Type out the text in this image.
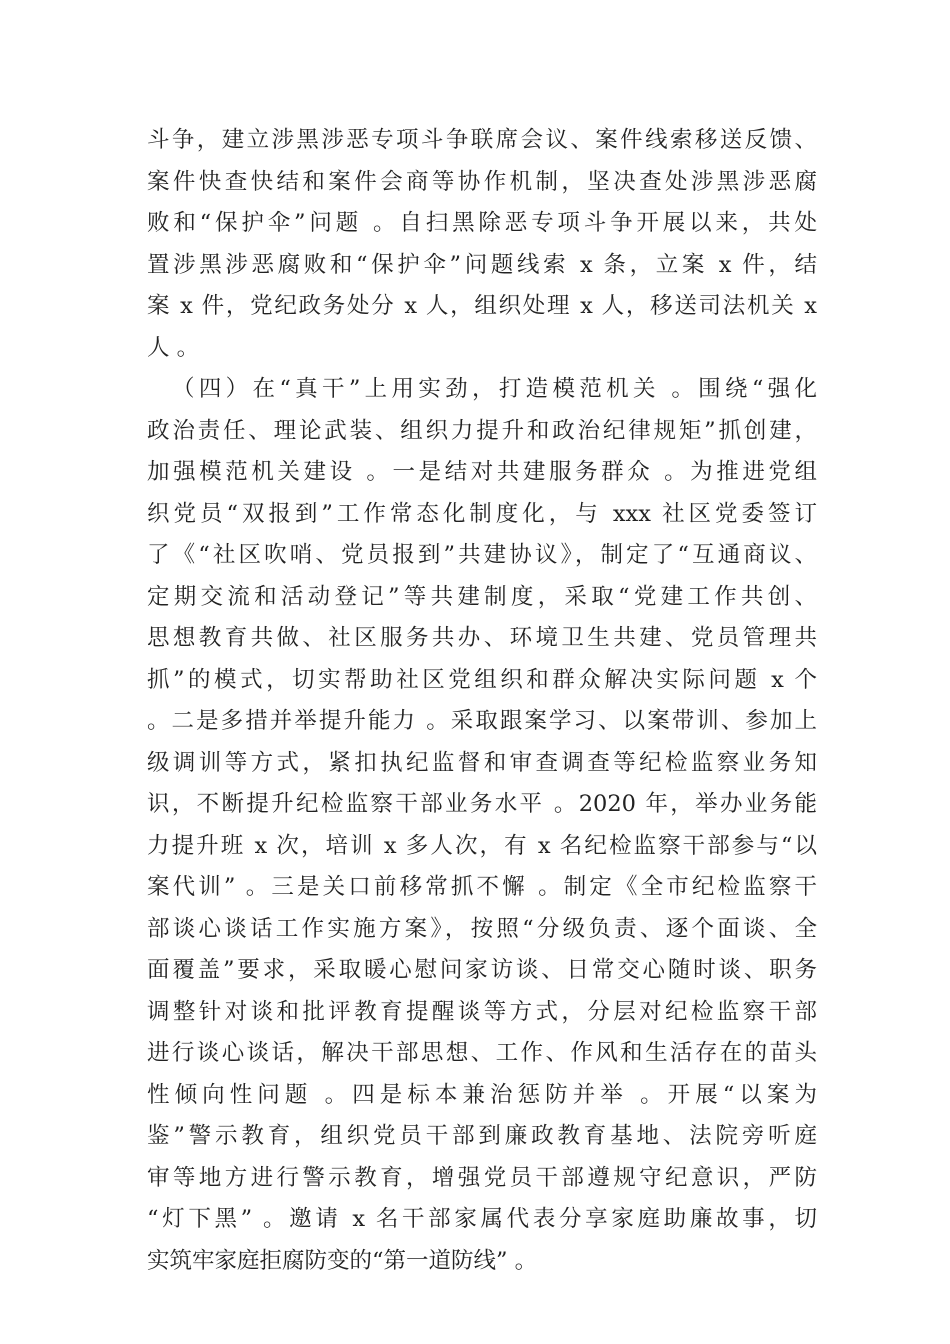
斗争，建立涉黑涉恶专项斗争联席会议、案件线索移送反馈、
案件快查快结和案件会商等协作机制，坚决查处涉黑涉恶腐
败和“保护伞”问题 。自扫黑除恶专项斗争开展以来，共处
置涉黑涉恶腐败和“保护伞”问题线索 x 条，立案 x 件，结
案 x 件，党纪政务处分 x 人，组织处理 x 人，移送司法机关 x
人 。
（四）在“真干”上用实劲，打造模范机关 。围绕“强化
政治责任、理论武装、组织力提升和政治纪律规矩”抓创建，
加强模范机关建设 。一是结对共建服务群众 。为推进党组
织党员“双报到”工作常态化制度化，与 xxx 社区党委签订
了《“社区吹哨、党员报到”共建协议》，制定了“互通商议、
定期交流和活动登记”等共建制度，采取“党建工作共创、
思想教育共做、社区服务共办、环境卫生共建、党员管理共
抓”的模式，切实帮助社区党组织和群众解决实际问题 x 个
。二是多措并举提升能力 。采取跟案学习、以案带训、参加上
级调训等方式，紧扣执纪监督和审查调查等纪检监察业务知
识，不断提升纪检监察干部业务水平 。2020 年，举办业务能
力提升班 x 次，培训 x 多人次，有 x 名纪检监察干部参与“以
案代训” 。三是关口前移常抓不懈 。制定《全市纪检监察干
部谈心谈话工作实施方案》，按照“分级负责、逐个面谈、全
面覆盖”要求，采取暖心慰问家访谈、日常交心随时谈、职务
调整针对谈和批评教育提醒谈等方式，分层对纪检监察干部
进行谈心谈话，解决干部思想、工作、作风和生活存在的苗头
性倾向性问题 。四是标本兼治惩防并举 。开展“以案为
鉴”警示教育，组织党员干部到廉政教育基地、法院旁听庭
审等地方进行警示教育，增强党员干部遵规守纪意识，严防
“灯下黑” 。邀请 x 名干部家属代表分享家庭助廉故事，切
实筑牢家庭拒腐防变的“第一道防线” 。
